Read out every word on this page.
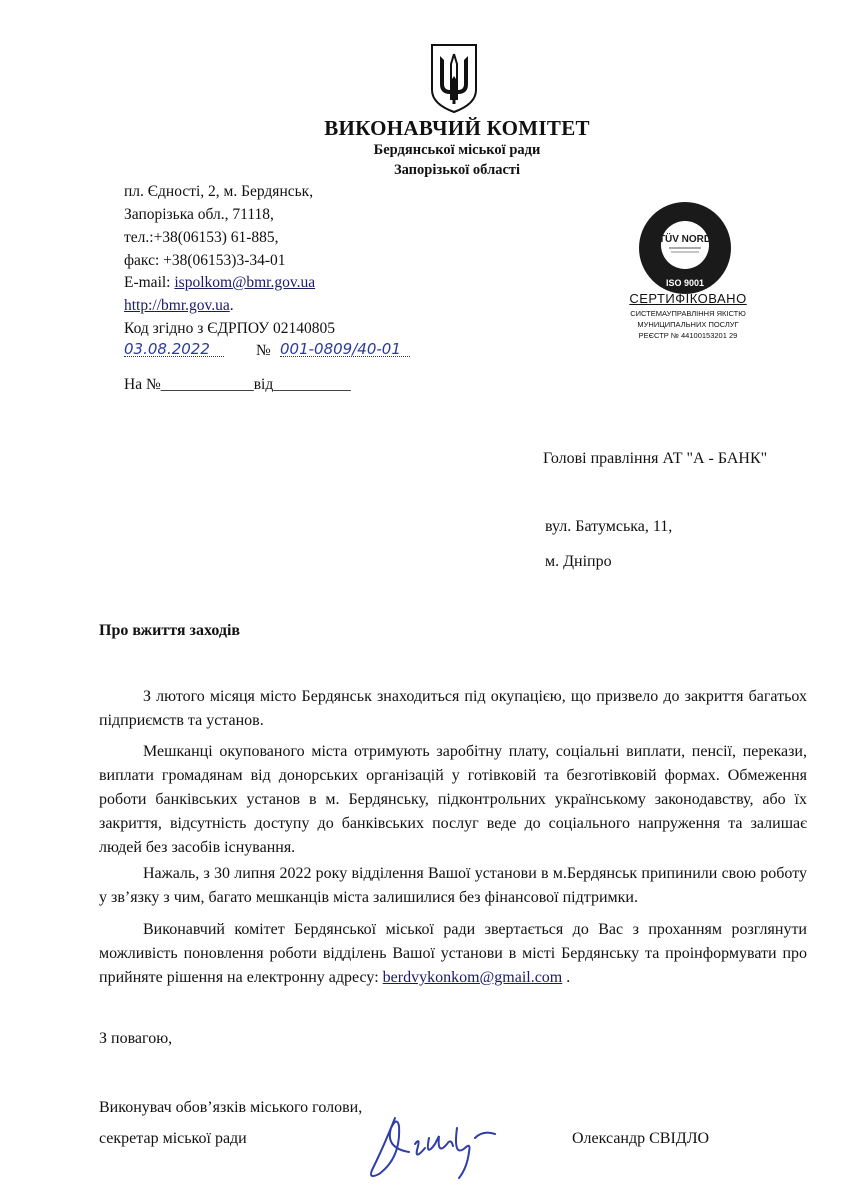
ВИКОНАВЧИЙ КОМІТЕТ
Бердянської міської ради
Запорізької області
пл. Єдності, 2, м. Бердянськ,
Запорізька обл., 71118,
тел.:+38(06153) 61-885,
факс: +38(06153)3-34-01
E-mail: ispolkom@bmr.gov.ua
http://bmr.gov.ua.
Код згідно з ЄДРПОУ 02140805
03.08.2022	№ 001-0809/40-01
На №____________від__________
TÜV NORD
ISO 9001
СЕРТИФІКОВАНО
СИСТЕМАУПРАВЛІННЯ ЯКІСТЮ
МУНИЦИПАЛЬНИХ ПОСЛУГ
РЕЄСТР № 44100153201 29
Голові правління АТ "А - БАНК"
вул. Батумська, 11,
м. Дніпро
Про вжиття заходів

З лютого місяця місто Бердянськ знаходиться під окупацією, що призвело до закриття багатьох підприємств та установ.

Мешканці окупованого міста отримують заробітну плату, соціальні виплати, пенсії, перекази, виплати громадянам від донорських організацій у готівковій та безготівковій формах. Обмеження роботи банківських установ в м. Бердянську, підконтрольних українському законодавству, або їх закриття, відсутність доступу до банківських послуг веде до соціального напруження та залишає людей без засобів існування.

Нажаль, з 30 липня 2022 року відділення Вашої установи в м.Бердянськ припинили свою роботу у зв’язку з чим, багато мешканців міста залишилися без фінансової підтримки.

Виконавчий комітет Бердянської міської ради звертається до Вас з проханням розглянути можливість поновлення роботи відділень Вашої установи в місті Бердянську та проінформувати про прийняте рішення на електронну адресу: berdvykonkom@gmail.com .

З повагою,
Виконувач обов’язків міського голови,
секретар міської ради	Олександр СВІДЛО
